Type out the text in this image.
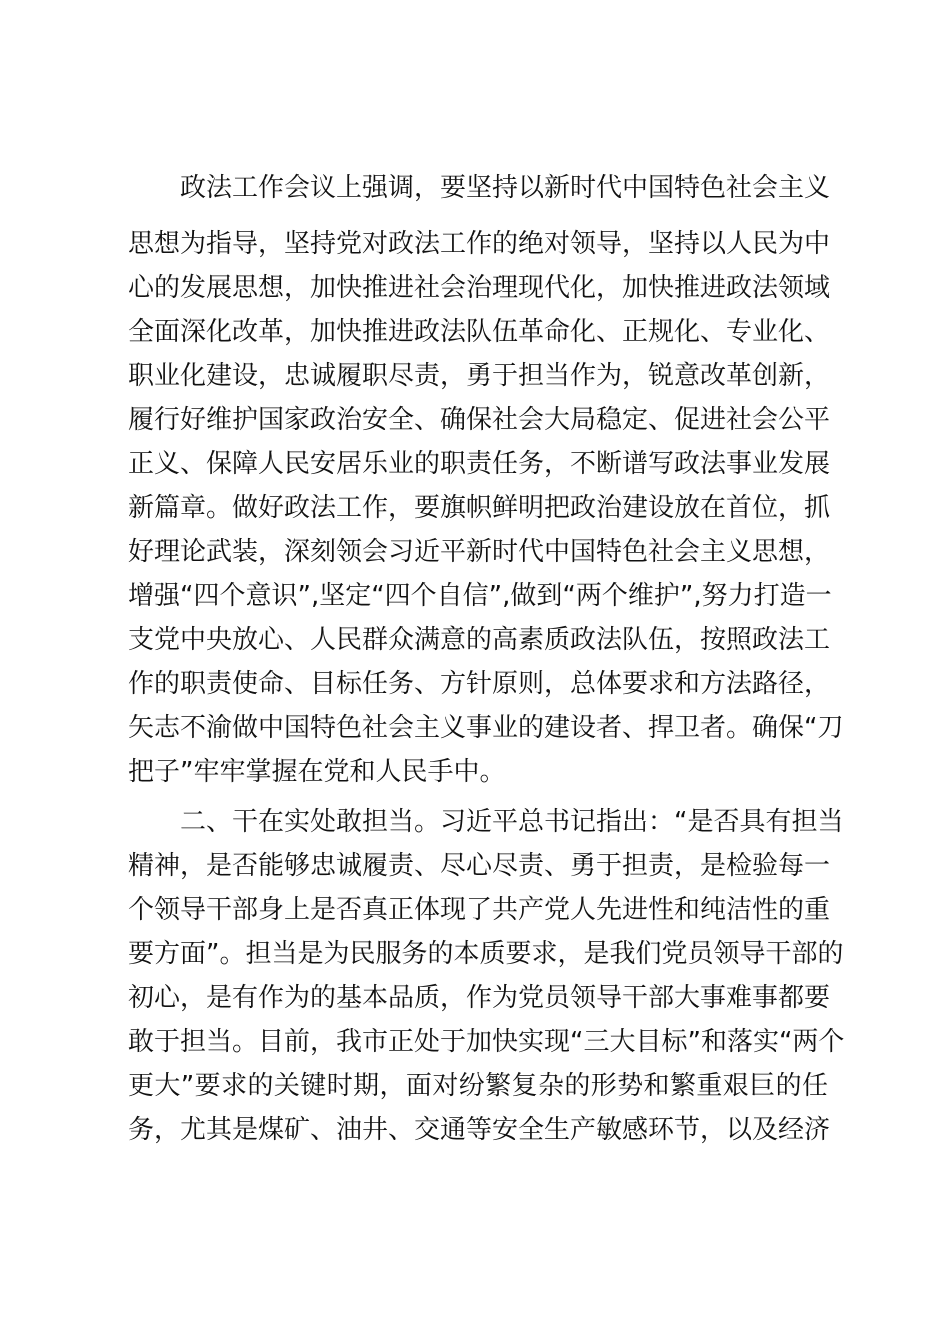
政法工作会议上强调，要坚持以新时代中国特色社会主义
思想为指导，坚持党对政法工作的绝对领导，坚持以人民为中
心的发展思想，加快推进社会治理现代化，加快推进政法领域
全面深化改革，加快推进政法队伍革命化、正规化、专业化、
职业化建设，忠诚履职尽责，勇于担当作为，锐意改革创新，
履行好维护国家政治安全、确保社会大局稳定、促进社会公平
正义、保障人民安居乐业的职责任务，不断谱写政法事业发展
新篇章。做好政法工作，要旗帜鲜明把政治建设放在首位，抓
好理论武装，深刻领会习近平新时代中国特色社会主义思想，
增强“四个意识”,坚定“四个自信”,做到“两个维护”,努力打造一
支党中央放心、人民群众满意的高素质政法队伍，按照政法工
作的职责使命、目标任务、方针原则，总体要求和方法路径，
矢志不渝做中国特色社会主义事业的建设者、捍卫者。确保“刀
把子”牢牢掌握在党和人民手中。
二、干在实处敢担当。习近平总书记指出：“是否具有担当
精神，是否能够忠诚履责、尽心尽责、勇于担责，是检验每一
个领导干部身上是否真正体现了共产党人先进性和纯洁性的重
要方面”。担当是为民服务的本质要求，是我们党员领导干部的
初心，是有作为的基本品质，作为党员领导干部大事难事都要
敢于担当。目前，我市正处于加快实现“三大目标”和落实“两个
更大”要求的关键时期，面对纷繁复杂的形势和繁重艰巨的任
务，尤其是煤矿、油井、交通等安全生产敏感环节，以及经济
